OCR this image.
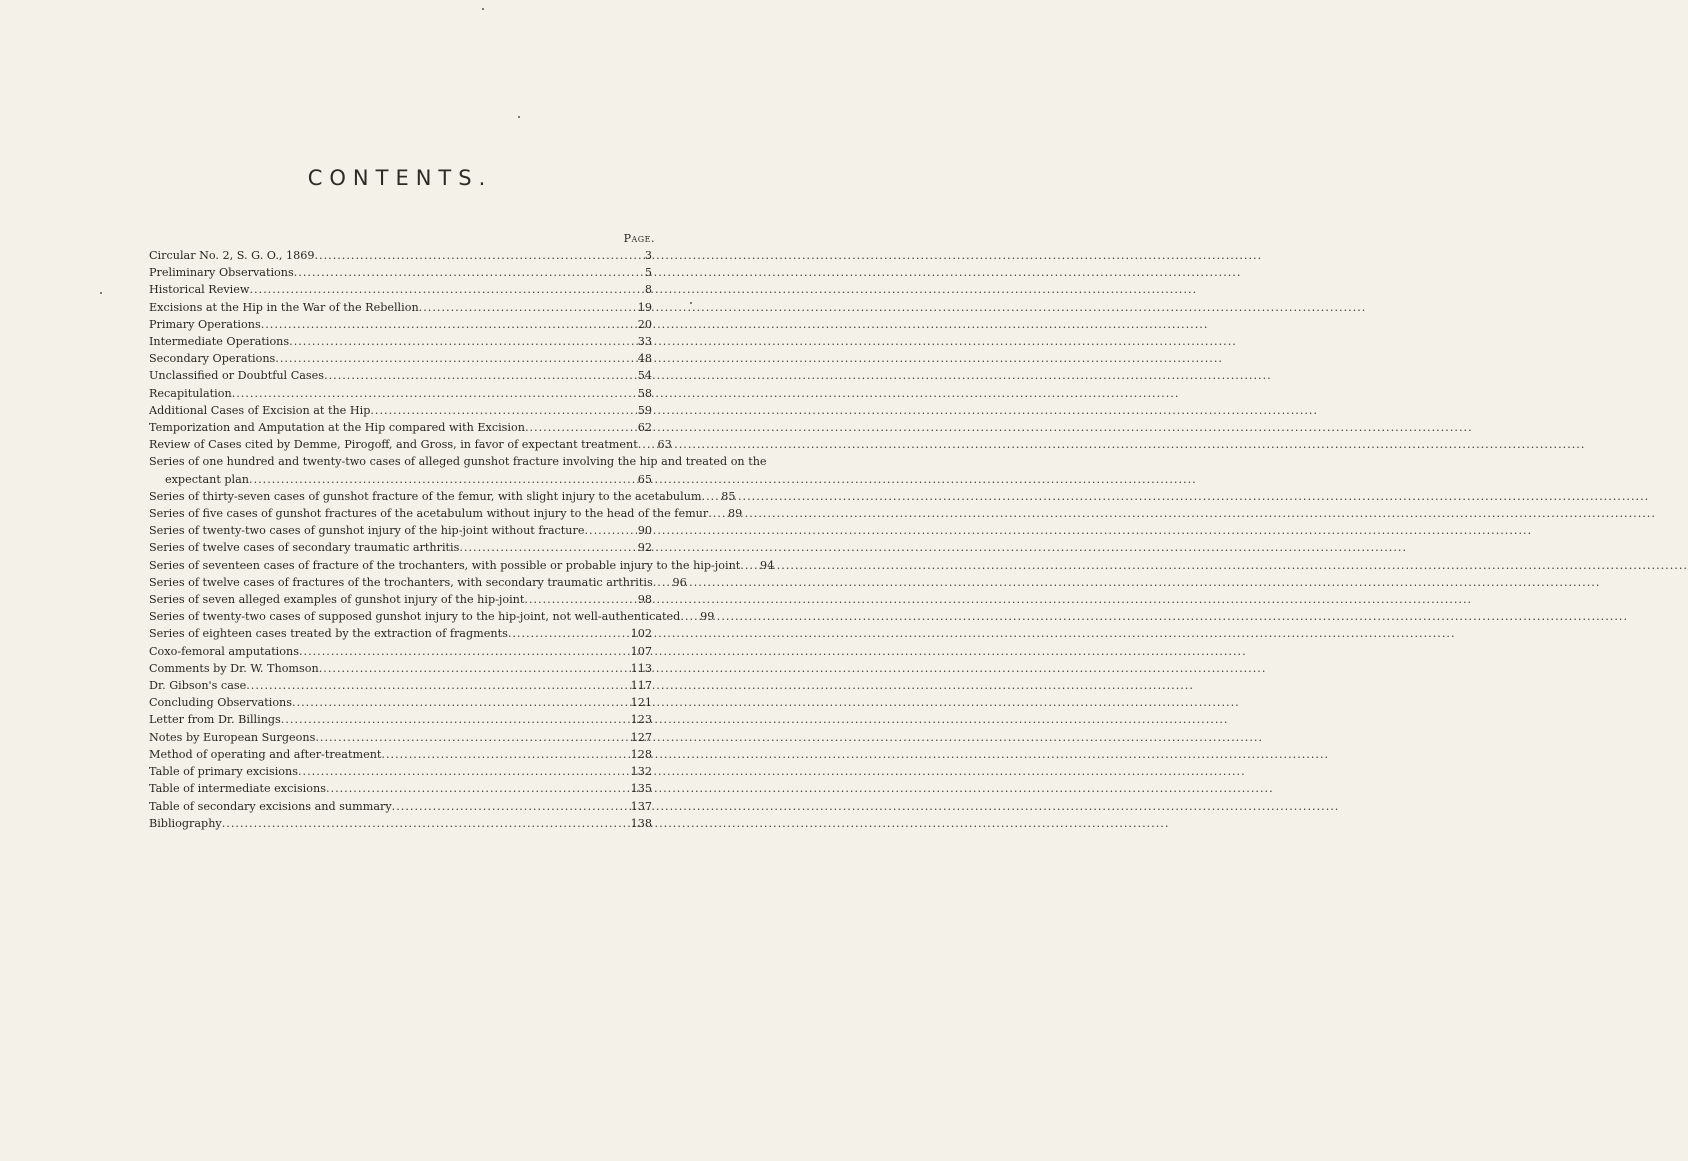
CONTENTS.
Page.
Circular No. 2, S. G. O., 1869 .....	3
Preliminary Observations .....	5
Historical Review .....	8
Excisions at the Hip in the War of the Rebellion .....	19
Primary Operations .....	20
Intermediate Operations .....	33
Secondary Operations .....	48
Unclassified or Doubtful Cases .....	54
Recapitulation .....	58
Additional Cases of Excision at the Hip .....	59
Temporization and Amputation at the Hip compared with Excision .....	62
Review of Cases cited by Demme, Pirogoff, and Gross, in favor of expectant treatment .....	63
Series of one hundred and twenty-two cases of alleged gunshot fracture involving the hip and treated on the
expectant plan .....	65
Series of thirty-seven cases of gunshot fracture of the femur, with slight injury to the acetabulum .....	85
Series of five cases of gunshot fractures of the acetabulum without injury to the head of the femur .....	89
Series of twenty-two cases of gunshot injury of the hip-joint without fracture .....	90
Series of twelve cases of secondary traumatic arthritis .....	92
Series of seventeen cases of fracture of the trochanters, with possible or probable injury to the hip-joint .....	94
Series of twelve cases of fractures of the trochanters, with secondary traumatic arthritis .....	96
Series of seven alleged examples of gunshot injury of the hip-joint .....	98
Series of twenty-two cases of supposed gunshot injury to the hip-joint, not well-authenticated .....	99
Series of eighteen cases treated by the extraction of fragments .....	102
Coxo-femoral amputations .....	107
Comments by Dr. W. Thomson .....	113
Dr. Gibson's case .....	117
Concluding Observations .....	121
Letter from Dr. Billings .....	123
Notes by European Surgeons .....	127
Method of operating and after-treatment .....	128
Table of primary excisions .....	132
Table of intermediate excisions .....	135
Table of secondary excisions and summary .....	137
Bibliography .....	138
